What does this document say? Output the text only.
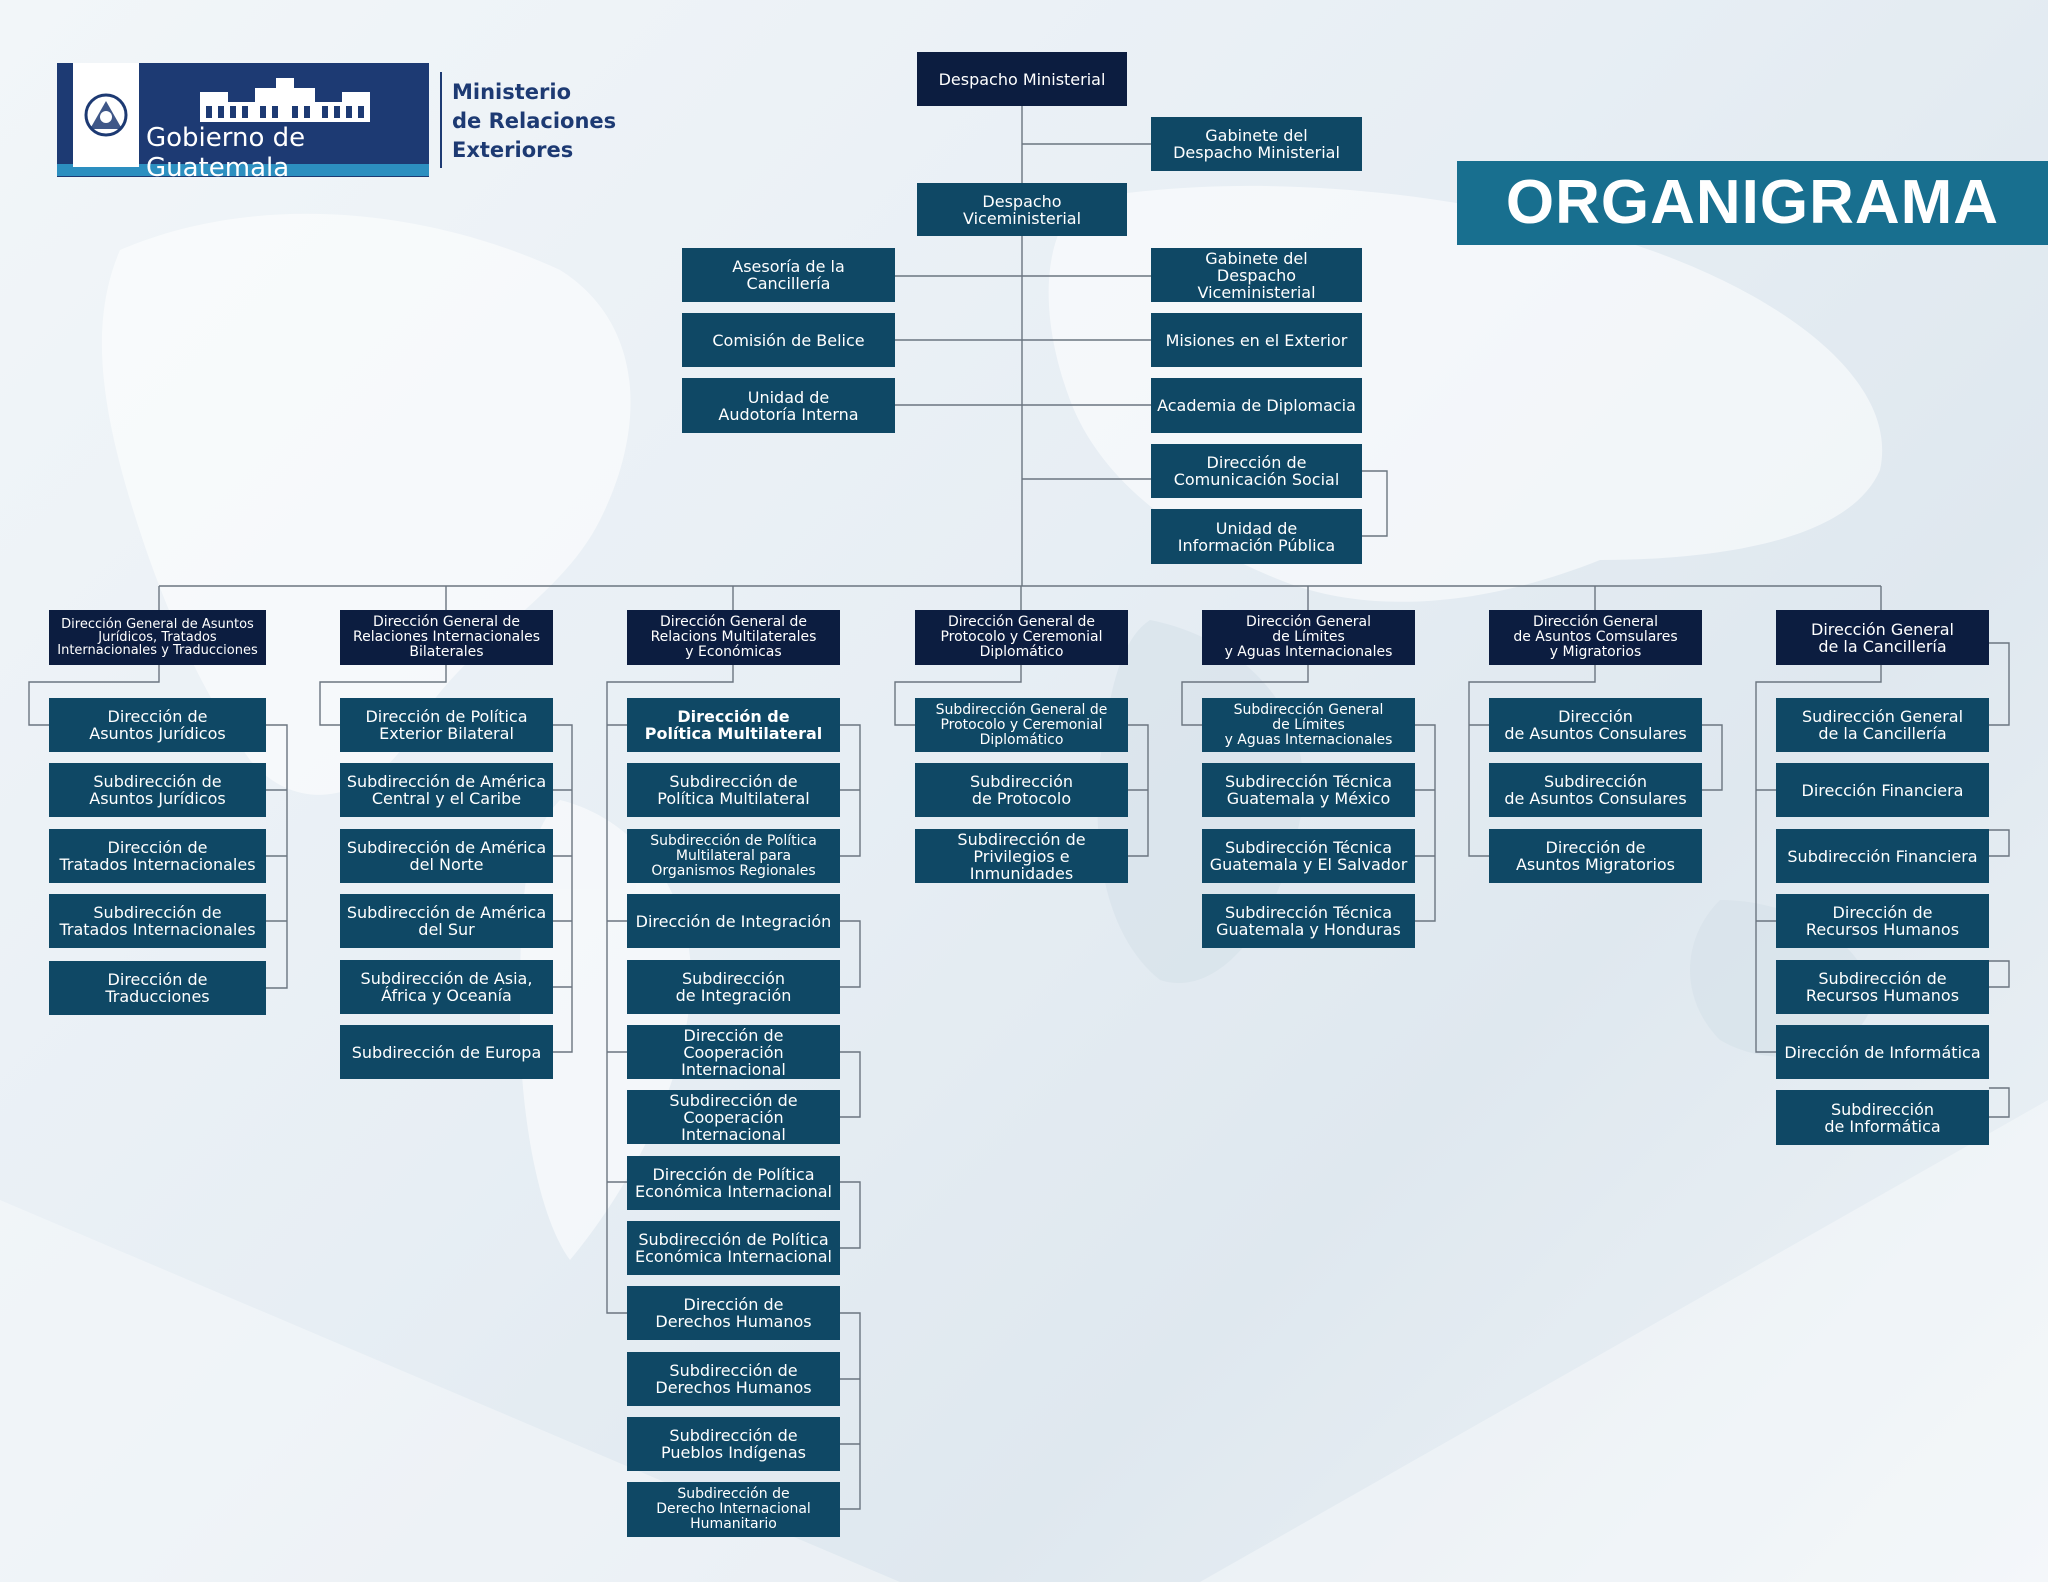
Gobierno de Guatemala
Ministerio
de Relaciones
Exteriores
ORGANIGRAMA
Despacho Ministerial
Gabinete del
Despacho Ministerial
Despacho Viceministerial
Asesoría de la Cancillería
Gabinete del
Despacho Viceministerial
Comisión de Belice	Misiones en el Exterior
Unidad de
Audotoría Interna	Academia de Diplomacia
Dirección de
Comunicación Social
Unidad de
Información Pública
Dirección General de Asuntos
Jurídicos, Tratados
Internacionales y Traducciones
Dirección de
Asuntos Jurídicos
Subdirección de
Asuntos Jurídicos
Dirección de
Tratados Internacionales
Subdirección de
Tratados Internacionales
Dirección de Traducciones
Dirección General de
Relaciones Internacionales
Bilaterales
Dirección de Política
Exterior Bilateral
Subdirección de América
Central y el Caribe
Subdirección de América
del Norte
Subdirección de América
del Sur
Subdirección de Asia,
África y Oceanía
Subdirección de Europa
Dirección General de
Relacions Multilaterales
y Económicas
Dirección de
Política Multilateral
Subdirección de
Política Multilateral
Subdirección de Política
Multilateral para
Organismos Regionales
Dirección de Integración
Subdirección
de Integración
Dirección de Cooperación
Internacional
Subdirección de
Cooperación Internacional
Dirección de Política
Económica Internacional
Subdirección de Política
Económica Internacional
Dirección de
Derechos Humanos
Subdirección de
Derechos Humanos
Subdirección de
Pueblos Indígenas
Subdirección de
Derecho Internacional
Humanitario
Dirección General de
Protocolo y Ceremonial
Diplomático
Subdirección General de
Protocolo y Ceremonial
Diplomático
Subdirección
de Protocolo
Subdirección de
Privilegios e Inmunidades
Dirección General
de Límites
y Aguas Internacionales
Subdirección General
de Límites
y Aguas Internacionales
Subdirección Técnica
Guatemala y México
Subdirección Técnica
Guatemala y El Salvador
Subdirección Técnica
Guatemala y Honduras
Dirección General
de Asuntos Comsulares
y Migratorios
Dirección
de Asuntos Consulares
Subdirección
de Asuntos Consulares
Dirección de
Asuntos Migratorios
Dirección General
de la Cancillería
Sudirección General
de la Cancillería
Dirección Financiera
Subdirección Financiera
Dirección de
Recursos Humanos
Subdirección de
Recursos Humanos
Dirección de Informática
Subdirección
de Informática
